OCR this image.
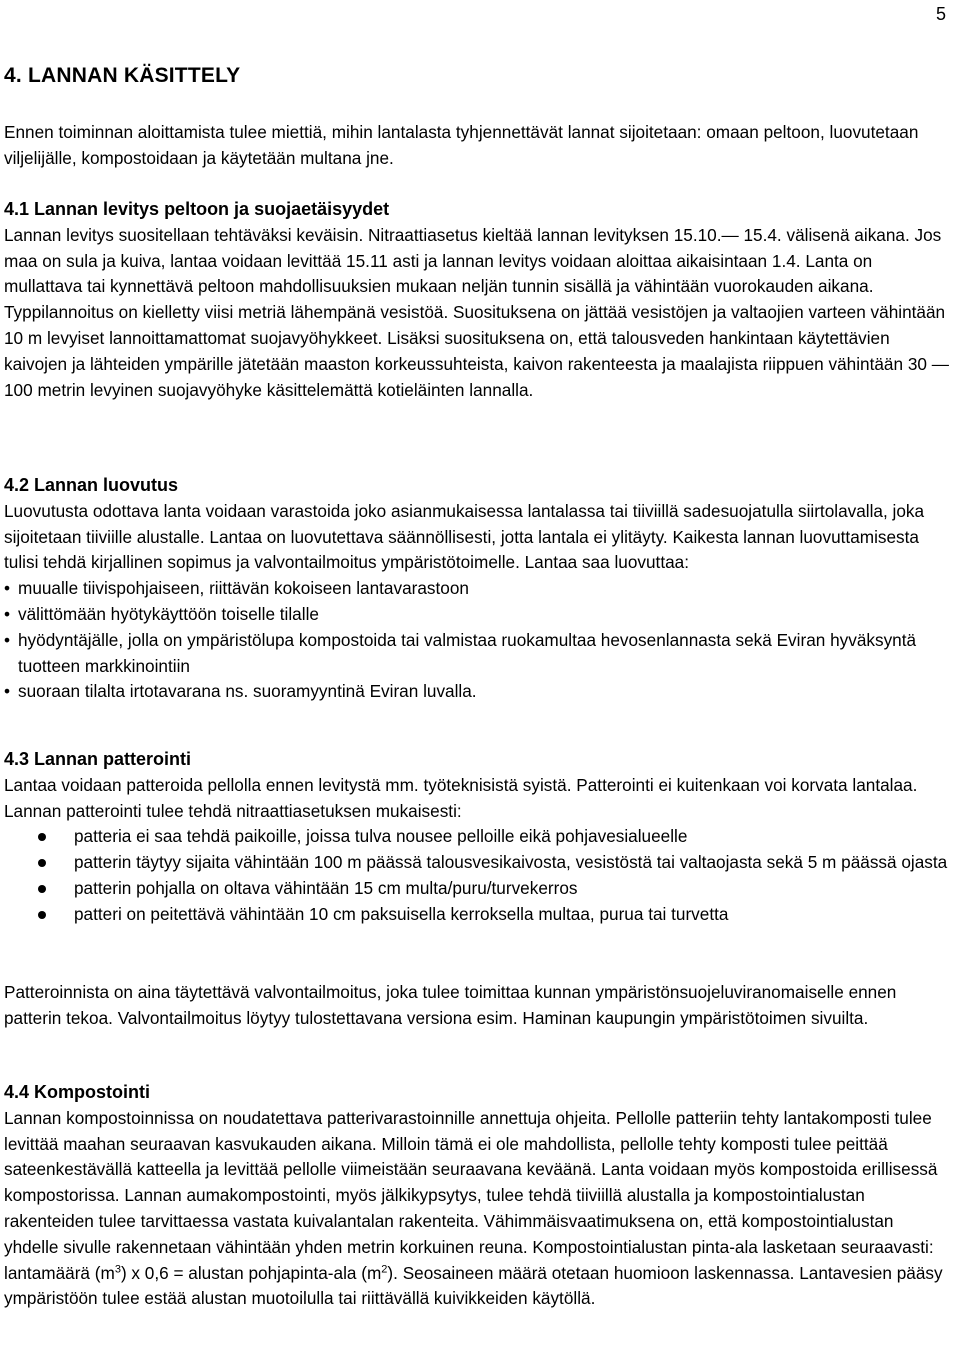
5
4. LANNAN KÄSITTELY

Ennen toiminnan aloittamista tulee miettiä, mihin lantalasta tyhjennettävät lannat sijoitetaan: omaan peltoon, luovutetaan viljelijälle, kompostoidaan ja käytetään multana jne.

4.1 Lannan levitys peltoon ja suojaetäisyydet

Lannan levitys suositellaan tehtäväksi keväisin. Nitraattiasetus kieltää lannan levityksen 15.10.— 15.4. välisenä aikana. Jos maa on sula ja kuiva, lantaa voidaan levittää 15.11 asti ja lannan levitys voidaan aloittaa aikaisintaan 1.4. Lanta on mullattava tai kynnettävä peltoon mahdollisuuksien mukaan neljän tunnin sisällä ja vähintään vuorokauden aikana. Typpilannoitus on kielletty viisi metriä lähempänä vesistöä. Suosituksena on jättää vesistöjen ja valtaojien varteen vähintään 10 m levyiset lannoittamattomat suojavyöhykkeet. Lisäksi suosituksena on, että talousveden hankintaan käytettävien kaivojen ja lähteiden ympärille jätetään maaston korkeussuhteista, kaivon rakenteesta ja maalajista riippuen vähintään 30 — 100 metrin levyinen suojavyöhyke käsittelemättä kotieläinten lannalla.

4.2 Lannan luovutus

Luovutusta odottava lanta voidaan varastoida joko asianmukaisessa lantalassa tai tiiviillä sadesuojatulla siirtolavalla, joka sijoitetaan tiiviille alustalle. Lantaa on luovutettava säännöllisesti, jotta lantala ei ylitäyty. Kaikesta lannan luovuttamisesta tulisi tehdä kirjallinen sopimus ja valvontailmoitus ympäristötoimelle. Lantaa saa luovuttaa:

• muualle tiivispohjaiseen, riittävän kokoiseen lantavarastoon
• välittömään hyötykäyttöön toiselle tilalle
• hyödyntäjälle, jolla on ympäristölupa kompostoida tai valmistaa ruokamultaa hevosenlannasta sekä Eviran hyväksyntä tuotteen markkinointiin
• suoraan tilalta irtotavarana ns. suoramyyntinä Eviran luvalla.

4.3 Lannan patterointi

Lantaa voidaan patteroida pellolla ennen levitystä mm. työteknisistä syistä. Patterointi ei kuitenkaan voi korvata lantalaa. Lannan patterointi tulee tehdä nitraattiasetuksen mukaisesti:

patteria ei saa tehdä paikoille, joissa tulva nousee pelloille eikä pohjavesialueelle
patterin täytyy sijaita vähintään 100 m päässä talousvesikaivosta, vesistöstä tai valtaojasta sekä 5 m päässä ojasta
patterin pohjalla on oltava vähintään 15 cm multa/puru/turvekerros
patteri on peitettävä vähintään 10 cm paksuisella kerroksella multaa, purua tai turvetta

Patteroinnista on aina täytettävä valvontailmoitus, joka tulee toimittaa kunnan ympäristönsuojeluviranomaiselle ennen patterin tekoa. Valvontailmoitus löytyy tulostettavana versiona esim. Haminan kaupungin ympäristötoimen sivuilta.

4.4 Kompostointi

Lannan kompostoinnissa on noudatettava patterivarastoinnille annettuja ohjeita. Pellolle patteriin tehty lantakomposti tulee levittää maahan seuraavan kasvukauden aikana. Milloin tämä ei ole mahdollista, pellolle tehty komposti tulee peittää sateenkestävällä katteella ja levittää pellolle viimeistään seuraavana keväänä. Lanta voidaan myös kompostoida erillisessä kompostorissa. Lannan aumakompostointi, myös jälkikypsytys, tulee tehdä tiiviillä alustalla ja kompostointialustan rakenteiden tulee tarvittaessa vastata kuivalantalan rakenteita. Vähimmäisvaatimuksena on, että kompostointialustan yhdelle sivulle rakennetaan vähintään yhden metrin korkuinen reuna. Kompostointialustan pinta-ala lasketaan seuraavasti: lantamäärä $(m^3)$ x 0,6 = alustan pohjapinta-ala $(m^2)$. Seosaineen määrä otetaan huomioon laskennassa. Lantavesien pääsy ympäristöön tulee estää alustan muotoilulla tai riittävällä kuivikkeiden käytöllä.
